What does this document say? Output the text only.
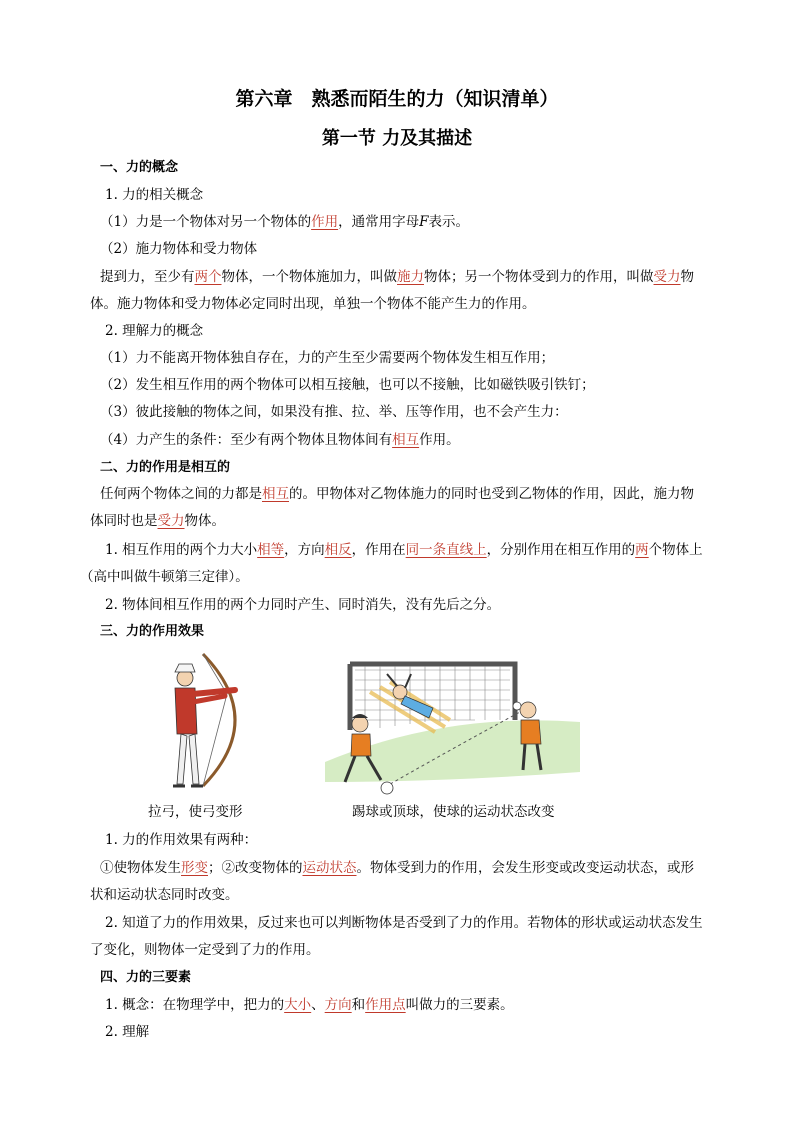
第六章　熟悉而陌生的力（知识清单）
第一节 力及其描述
一、力的概念
1. 力的相关概念
（1）力是一个物体对另一个物体的作用，通常用字母F表示。
（2）施力物体和受力物体
提到力，至少有两个物体，一个物体施加力，叫做施力物体；另一个物体受到力的作用，叫做受力物
体。施力物体和受力物体必定同时出现，单独一个物体不能产生力的作用。
2. 理解力的概念
（1）力不能离开物体独自存在，力的产生至少需要两个物体发生相互作用；
（2）发生相互作用的两个物体可以相互接触，也可以不接触，比如磁铁吸引铁钉；
（3）彼此接触的物体之间，如果没有推、拉、举、压等作用，也不会产生力：
（4）力产生的条件：至少有两个物体且物体间有相互作用。
二、力的作用是相互的
任何两个物体之间的力都是相互的。甲物体对乙物体施力的同时也受到乙物体的作用，因此，施力物
体同时也是受力物体。
1. 相互作用的两个力大小相等，方向相反，作用在同一条直线上，分别作用在相互作用的两个物体上
（高中叫做牛顿第三定律）。
2. 物体间相互作用的两个力同时产生、同时消失，没有先后之分。
三、力的作用效果
拉弓，使弓变形	踢球或顶球，使球的运动状态改变
1. 力的作用效果有两种：
①使物体发生形变；②改变物体的运动状态。物体受到力的作用，会发生形变或改变运动状态，或形
状和运动状态同时改变。
2. 知道了力的作用效果，反过来也可以判断物体是否受到了力的作用。若物体的形状或运动状态发生
了变化，则物体一定受到了力的作用。
四、力的三要素
1. 概念：在物理学中，把力的大小、方向和作用点叫做力的三要素。
2. 理解
